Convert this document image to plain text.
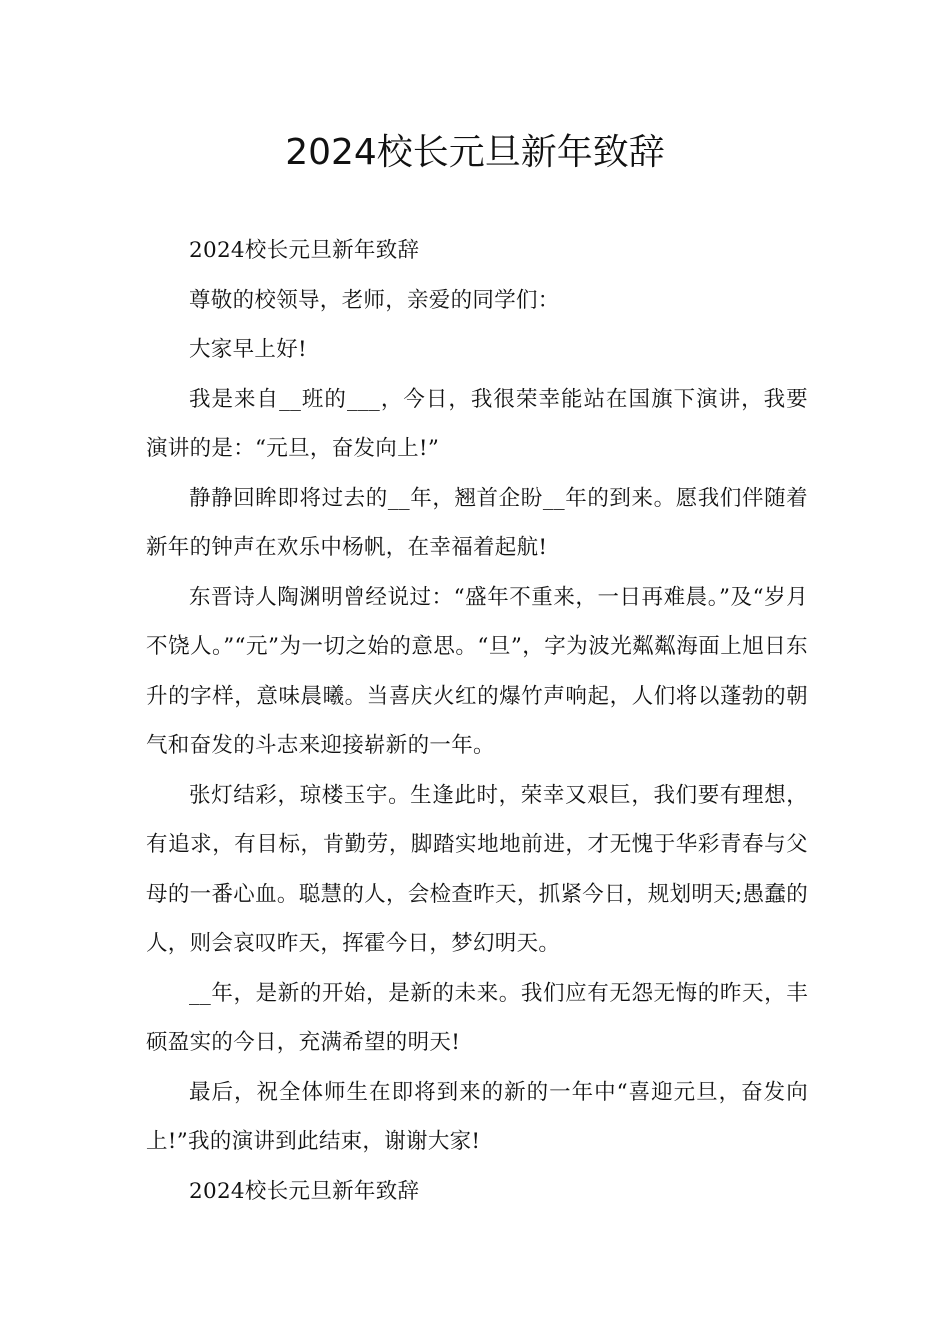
2024校长元旦新年致辞

2024校长元旦新年致辞

尊敬的校领导，老师，亲爱的同学们：

大家早上好!

我是来自__班的___，今日，我很荣幸能站在国旗下演讲，我要演讲的是：“元旦，奋发向上!”

静静回眸即将过去的__年，翘首企盼__年的到来。愿我们伴随着新年的钟声在欢乐中杨帆，在幸福着起航!

东晋诗人陶渊明曾经说过：“盛年不重来，一日再难晨。”及“岁月不饶人。”“元”为一切之始的意思。“旦”，字为波光粼粼海面上旭日东升的字样，意味晨曦。当喜庆火红的爆竹声响起，人们将以蓬勃的朝气和奋发的斗志来迎接崭新的一年。

张灯结彩，琼楼玉宇。生逢此时，荣幸又艰巨，我们要有理想，有追求，有目标，肯勤劳，脚踏实地地前进，才无愧于华彩青春与父母的一番心血。聪慧的人，会检查昨天，抓紧今日，规划明天;愚蠢的人，则会哀叹昨天，挥霍今日，梦幻明天。

__年，是新的开始，是新的未来。我们应有无怨无悔的昨天，丰硕盈实的今日，充满希望的明天!

最后，祝全体师生在即将到来的新的一年中“喜迎元旦，奋发向上!”我的演讲到此结束，谢谢大家!

2024校长元旦新年致辞
